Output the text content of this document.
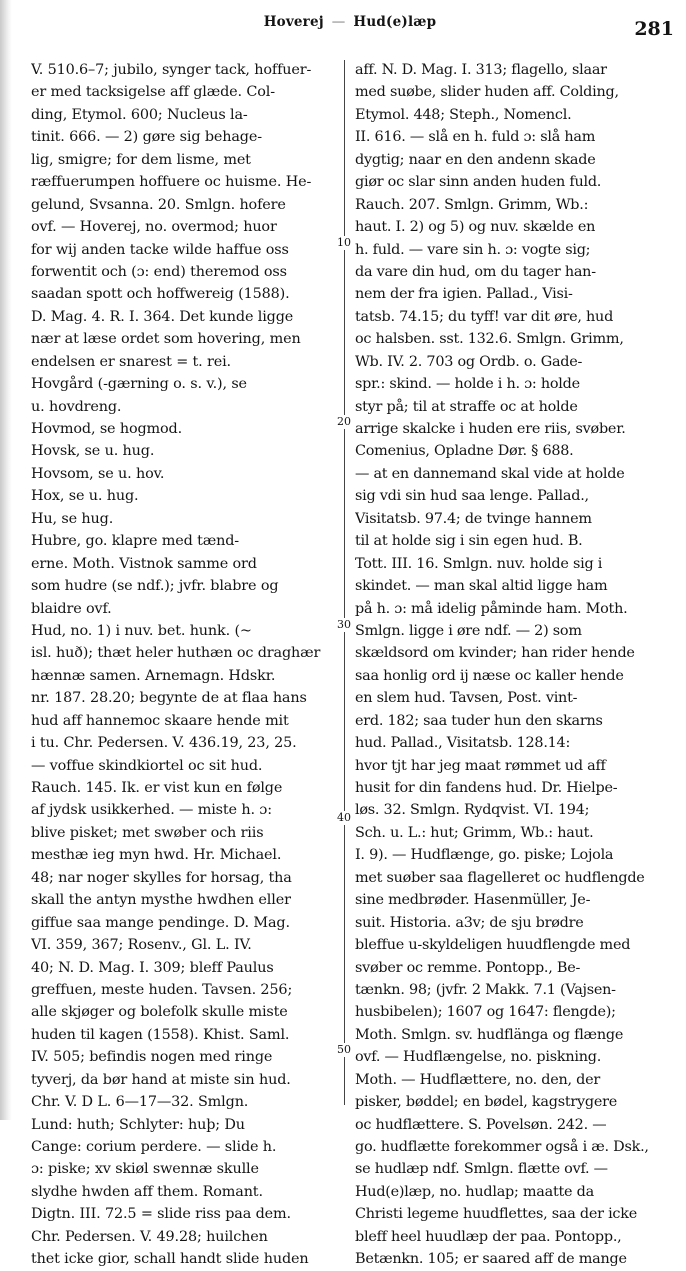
Hoverej — Hud(e)læp	281
V. 510.6–7; jubilo, synger tack, hoffuer-
er med tacksigelse aff glæde. Col-
ding, Etymol. 600; Nucleus la-
tinit. 666. — 2) gøre sig behage-
lig, smigre; for dem lisme, met
ræffuerumpen hoffuere oc huisme. He-
gelund, Svsanna. 20. Smlgn. hofere
ovf. — Hoverej, no. overmod; huor
for wij anden tacke wilde haffue oss
forwentit och (ɔ: end) theremod oss
saadan spott och hoffwereig (1588).
D. Mag. 4. R. I. 364. Det kunde ligge
nær at læse ordet som hovering, men
endelsen er snarest = t. rei.
Hovgård (-gærning o. s. v.), se
u. hovdreng.
Hovmod, se hogmod.
Hovsk, se u. hug.
Hovsom, se u. hov.
Hox, se u. hug.
Hu, se hug.
Hubre, go. klapre med tænd-
erne. Moth. Vistnok samme ord
som hudre (se ndf.); jvfr. blabre og
blaidre ovf.
Hud, no. 1) i nuv. bet. hunk. (~
isl. huð); thæt heler huthæn oc draghær
hænnæ samen. Arnemagn. Hdskr.
nr. 187. 28.20; begynte de at flaa hans
hud aff hannemoc skaare hende mit
i tu. Chr. Pedersen. V. 436.19, 23, 25.
— voffue skindkiortel oc sit hud.
Rauch. 145. Ik. er vist kun en følge
af jydsk usikkerhed. — miste h. ɔ:
blive pisket; met swøber och riis
mesthæ ieg myn hwd. Hr. Michael.
48; nar noger skylles for horsag, tha
skall the antyn mysthe hwdhen eller
giffue saa mange pendinge. D. Mag.
VI. 359, 367; Rosenv., Gl. L. IV.
40; N. D. Mag. I. 309; bleff Paulus
greffuen, meste huden. Tavsen. 256;
alle skjøger og bolefolk skulle miste
huden til kagen (1558). Khist. Saml.
IV. 505; befindis nogen med ringe
tyverj, da bør hand at miste sin hud.
Chr. V. D L. 6—17—32. Smlgn.
Lund: huth; Schlyter: huþ; Du
Cange: corium perdere. — slide h.
ɔ: piske; xv skiøl swennæ skulle
slydhe hwden aff them. Romant.
Digtn. III. 72.5 = slide riss paa dem.
Chr. Pedersen. V. 49.28; huilchen
thet icke gior, schall handt slide huden
aff. N. D. Mag. I. 313; flagello, slaar
med suøbe, slider huden aff. Colding,
Etymol. 448; Steph., Nomencl.
II. 616. — slå en h. fuld ɔ: slå ham
dygtig; naar en den andenn skade
giør oc slar sinn anden huden fuld.
Rauch. 207. Smlgn. Grimm, Wb.:
haut. I. 2) og 5) og nuv. skælde en
h. fuld. — vare sin h. ɔ: vogte sig;
da vare din hud, om du tager han-
nem der fra igien. Pallad., Visi-
tatsb. 74.15; du tyff! var dit øre, hud
oc halsben. sst. 132.6. Smlgn. Grimm,
Wb. IV. 2. 703 og Ordb. o. Gade-
spr.: skind. — holde i h. ɔ: holde
styr på; til at straffe oc at holde
arrige skalcke i huden ere riis, svøber.
Comenius, Opladne Dør. § 688.
— at en dannemand skal vide at holde
sig vdi sin hud saa lenge. Pallad.,
Visitatsb. 97.4; de tvinge hannem
til at holde sig i sin egen hud. B.
Tott. III. 16. Smlgn. nuv. holde sig i
skindet. — man skal altid ligge ham
på h. ɔ: må idelig påminde ham. Moth.
Smlgn. ligge i øre ndf. — 2) som
skældsord om kvinder; han rider hende
saa honlig ord ij næse oc kaller hende
en slem hud. Tavsen, Post. vint-
erd. 182; saa tuder hun den skarns
hud. Pallad., Visitatsb. 128.14:
hvor tjt har jeg maat rømmet ud aff
husit for din fandens hud. Dr. Hielpe-
løs. 32. Smlgn. Rydqvist. VI. 194;
Sch. u. L.: hut; Grimm, Wb.: haut.
I. 9). — Hudflænge, go. piske; Lojola
met suøber saa flagelleret oc hudflengde
sine medbrøder. Hasenmüller, Je-
suit. Historia. a3v; de sju brødre
bleffue u-skyldeligen huudflengde med
svøber oc remme. Pontopp., Be-
tænkn. 98; (jvfr. 2 Makk. 7.1 (Vajsen-
husbibelen); 1607 og 1647: flengde);
Moth. Smlgn. sv. hudflänga og flænge
ovf. — Hudflængelse, no. piskning.
Moth. — Hudflættere, no. den, der
pisker, bøddel; en bødel, kagstrygere
oc hudflættere. S. Povelsøn. 242. —
go. hudflætte forekommer også i æ. Dsk.,
se hudlæp ndf. Smlgn. flætte ovf. —
Hud(e)læp, no. hudlap; maatte da
Christi legeme huudflettes, saa der icke
bleff heel huudlæp der paa. Pontopp.,
Betænkn. 105; er saared aff de mange
10
20
30
40
50
